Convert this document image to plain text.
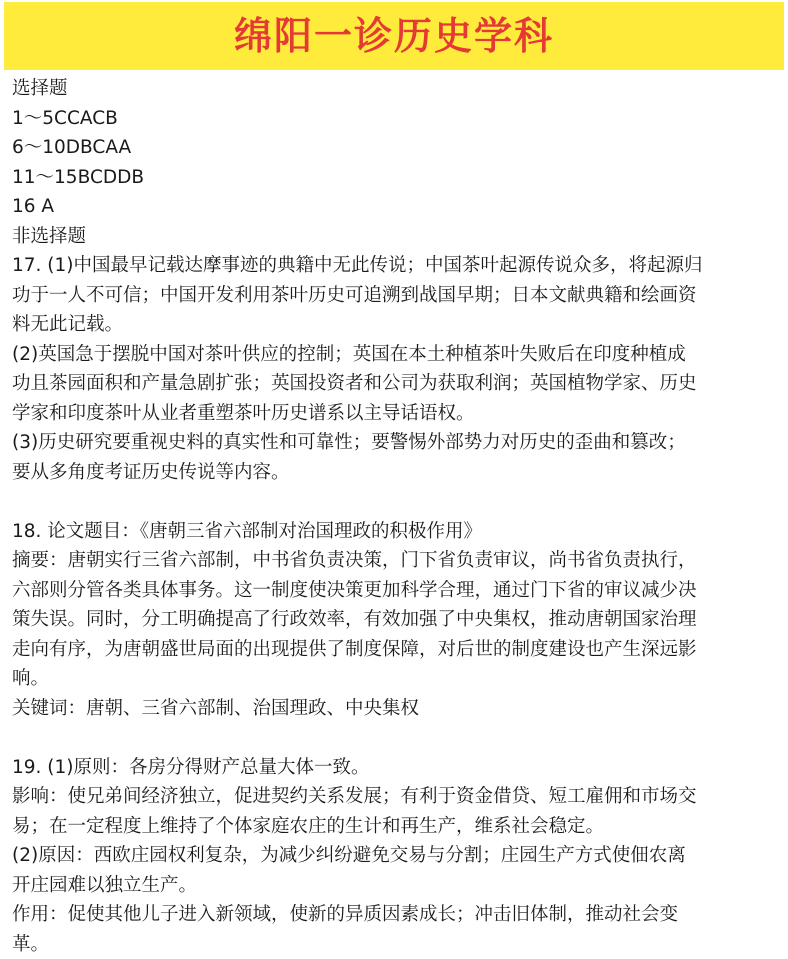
绵阳一诊历史学科
选择题
1～5CCACB
6～10DBCAA
11～15BCDDB
16 A
非选择题
17. (1)中国最早记载达摩事迹的典籍中无此传说；中国茶叶起源传说众多，将起源归
功于一人不可信；中国开发利用茶叶历史可追溯到战国早期；日本文献典籍和绘画资
料无此记载。
(2)英国急于摆脱中国对茶叶供应的控制；英国在本土种植茶叶失败后在印度种植成
功且茶园面积和产量急剧扩张；英国投资者和公司为获取利润；英国植物学家、历史
学家和印度茶叶从业者重塑茶叶历史谱系以主导话语权。
(3)历史研究要重视史料的真实性和可靠性；要警惕外部势力对历史的歪曲和篡改；
要从多角度考证历史传说等内容。
18. 论文题目：《唐朝三省六部制对治国理政的积极作用》
摘要：唐朝实行三省六部制，中书省负责决策，门下省负责审议，尚书省负责执行，
六部则分管各类具体事务。这一制度使决策更加科学合理，通过门下省的审议减少决
策失误。同时，分工明确提高了行政效率，有效加强了中央集权，推动唐朝国家治理
走向有序，为唐朝盛世局面的出现提供了制度保障，对后世的制度建设也产生深远影
响。
关键词：唐朝、三省六部制、治国理政、中央集权
19. (1)原则：各房分得财产总量大体一致。
影响：使兄弟间经济独立，促进契约关系发展；有利于资金借贷、短工雇佣和市场交
易；在一定程度上维持了个体家庭农庄的生计和再生产，维系社会稳定。
(2)原因：西欧庄园权利复杂，为减少纠纷避免交易与分割；庄园生产方式使佃农离
开庄园难以独立生产。
作用：促使其他儿子进入新领域，使新的异质因素成长；冲击旧体制，推动社会变
革。
